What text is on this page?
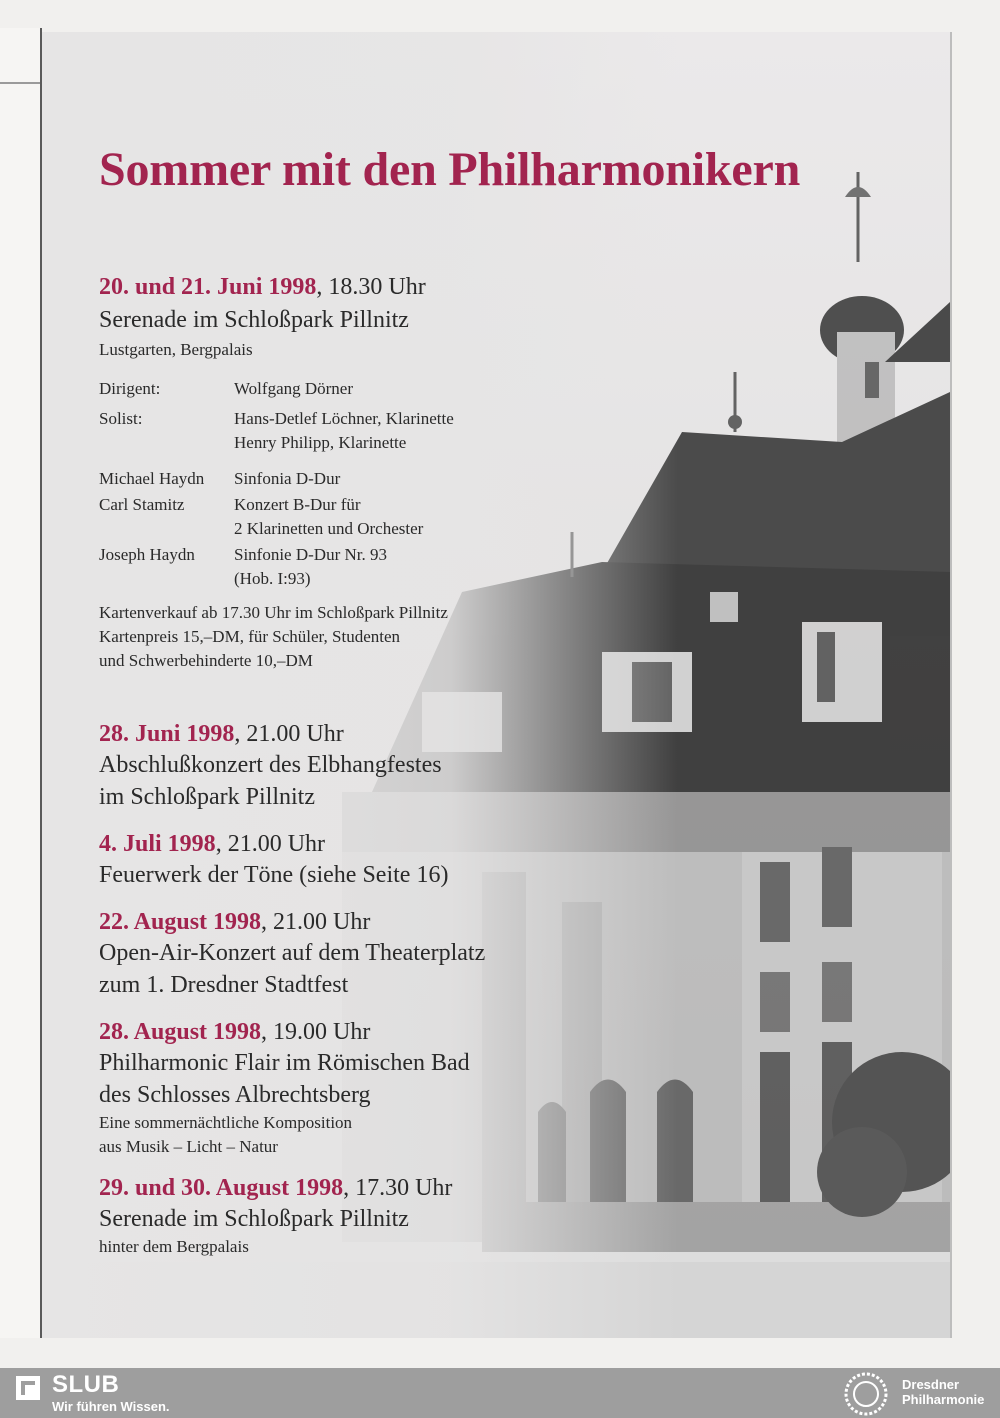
Sommer mit den Philharmonikern
20. und 21. Juni 1998, 18.30 Uhr
Serenade im Schloßpark Pillnitz
Lustgarten, Bergpalais
Dirigent:	Wolfgang Dörner
Solist:	Hans-Detlef Löchner, Klarinette
Henry Philipp, Klarinette
Michael Haydn	Sinfonia D-Dur
Carl Stamitz	Konzert B-Dur für
2 Klarinetten und Orchester
Joseph Haydn	Sinfonie D-Dur Nr. 93
(Hob. I:93)
Kartenverkauf ab 17.30 Uhr im Schloßpark Pillnitz
Kartenpreis 15,–DM, für Schüler, Studenten
und Schwerbehinderte 10,–DM
28. Juni 1998, 21.00 Uhr
Abschlußkonzert des Elbhangfestes
im Schloßpark Pillnitz
4. Juli 1998, 21.00 Uhr
Feuerwerk der Töne (siehe Seite 16)
22. August 1998, 21.00 Uhr
Open-Air-Konzert auf dem Theaterplatz
zum 1. Dresdner Stadtfest
28. August 1998, 19.00 Uhr
Philharmonic Flair im Römischen Bad
des Schlosses Albrechtsberg
Eine sommernächtliche Komposition
aus Musik – Licht – Natur
29. und 30. August 1998, 17.30 Uhr
Serenade im Schloßpark Pillnitz
hinter dem Bergpalais
SLUB
Wir führen Wissen.
Dresdner
Philharmonie
